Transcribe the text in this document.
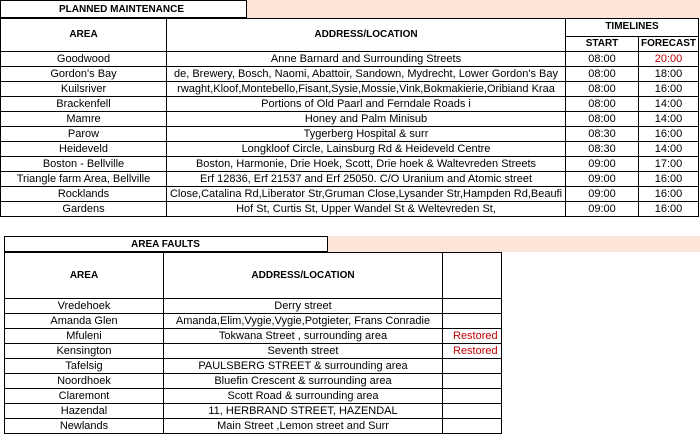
PLANNED MAINTENANCE
AREA	ADDRESS/LOCATION	TIMELINES	
		START	FORECAST
Goodwood	Anne Barnard and Surrounding Streets	08:00	20:00
Gordon's Bay	de, Brewery, Bosch, Naomi, Abattoir, Sandown, Mydrecht, Lower Gordon's Bay	08:00	18:00
Kuilsriver	rwaght,Kloof,Montebello,Fisant,Sysie,Mossie,Vink,Bokmakierie,Oribiand Kraa	08:00	16:00
Brackenfell	Portions of Old Paarl and Ferndale Roads i	08:00	14:00
Mamre	Honey and Palm Minisub	08:00	14:00
Parow	Tygerberg Hospital & surr	08:30	16:00
Heideveld	Longkloof Circle, Lainsburg Rd & Heideveld Centre	08:30	14:00
Boston - Bellville	Boston, Harmonie, Drie Hoek, Scott, Drie hoek & Waltevreden Streets	09:00	17:00
Triangle farm Area, Bellville	Erf 12836, Erf 21537 and Erf 25050. C/O Uranium and Atomic street	09:00	16:00
Rocklands	Close,Catalina Rd,Liberator Str,Gruman Close,Lysander Str,Hampden Rd,Beaufi	09:00	16:00
Gardens	Hof St, Curtis St, Upper Wandel St & Weltevreden St,	09:00	16:00
AREA FAULTS
AREA	ADDRESS/LOCATION	
Vredehoek	Derry street	
Amanda Glen	Amanda,Elim,Vygie,Vygie,Potgieter, Frans Conradie	
Mfuleni	Tokwana Street , surrounding area	Restored
Kensington	Seventh street	Restored
Tafelsig	PAULSBERG STREET & surrounding area	
Noordhoek	Bluefin Crescent & surrounding area	
Claremont	Scott Road & surrounding area	
Hazendal	11, HERBRAND STREET, HAZENDAL	
Newlands	Main Street ,Lemon street and Surr	
